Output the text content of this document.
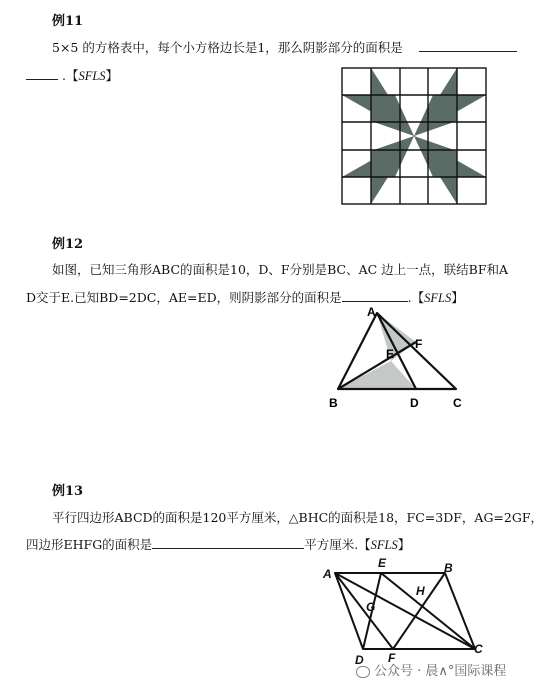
例11
5×5 的方格表中，每个小方格边长是1，那么阴影部分的面积是
.【SFLS】
例12
如图，已知三角形ABC的面积是10，D、F分别是BC、AC 边上一点，联结BF和A
D交于E.已知BD=2DC，AE=ED，则阴影部分的面积是	.【SFLS】
A
B	C
D
E
F
例13
平行四边形ABCD的面积是120平方厘米，△BHC的面积是18，FC=3DF，AG=2GF，
四边形EHFG的面积是	平方厘米.【SFLS】
A
E	B
G
H
C
D F
公众号 · 晨∧°国际课程
